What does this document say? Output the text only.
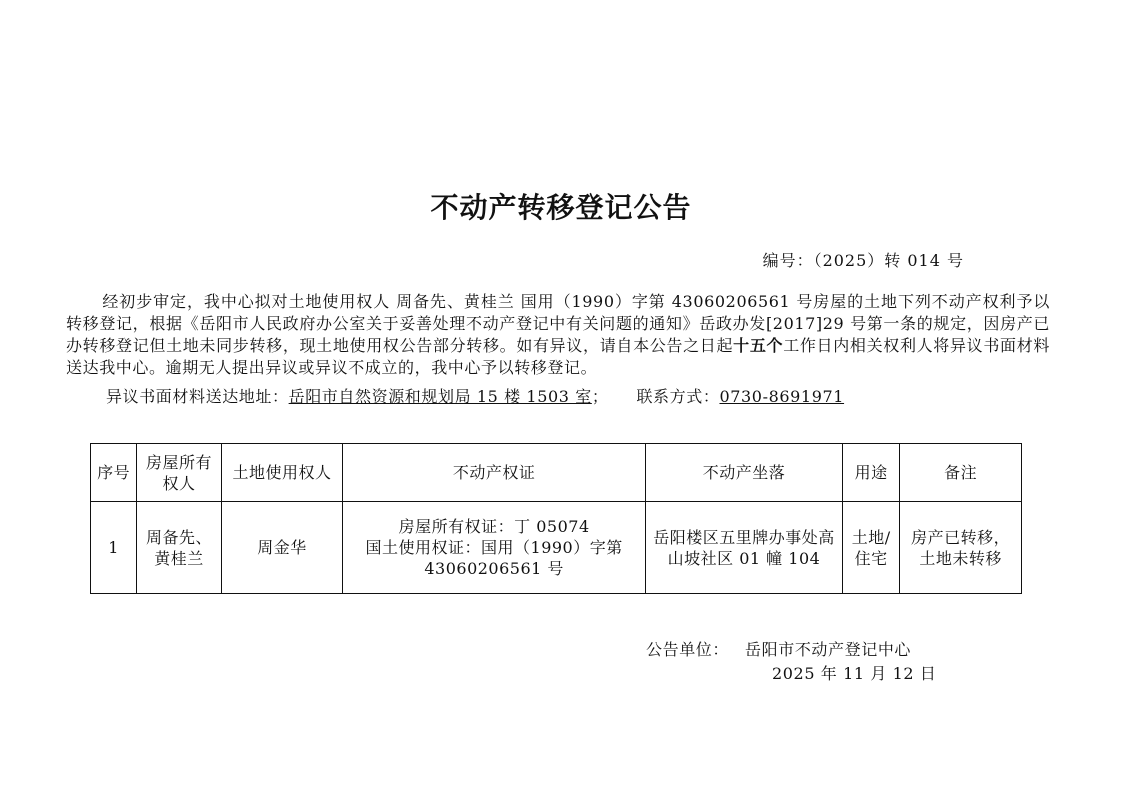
不动产转移登记公告
编号：（2025）转 014 号
经初步审定，我中心拟对土地使用权人 周备先、黄桂兰 国用（1990）字第 43060206561 号房屋的土地下列不动产权利予以转移登记，根据《岳阳市人民政府办公室关于妥善处理不动产登记中有关问题的通知》岳政办发[2017]29 号第一条的规定，因房产已办转移登记但土地未同步转移，现土地使用权公告部分转移。如有异议，请自本公告之日起十五个工作日内相关权利人将异议书面材料送达我中心。逾期无人提出异议或异议不成立的，我中心予以转移登记。
异议书面材料送达地址：岳阳市自然资源和规划局 15 楼 1503 室； 联系方式：0730-8691971
序号	房屋所有权人	土地使用权人	不动产权证	不动产坐落	用途	备注
1	周备先、黄桂兰	周金华	房屋所有权证：丁 05074
国土使用权证：国用（1990）字第 43060206561 号	岳阳楼区五里牌办事处高山坡社区 01 幢 104	土地/住宅	房产已转移，土地未转移
公告单位： 岳阳市不动产登记中心
2025 年 11 月 12 日
